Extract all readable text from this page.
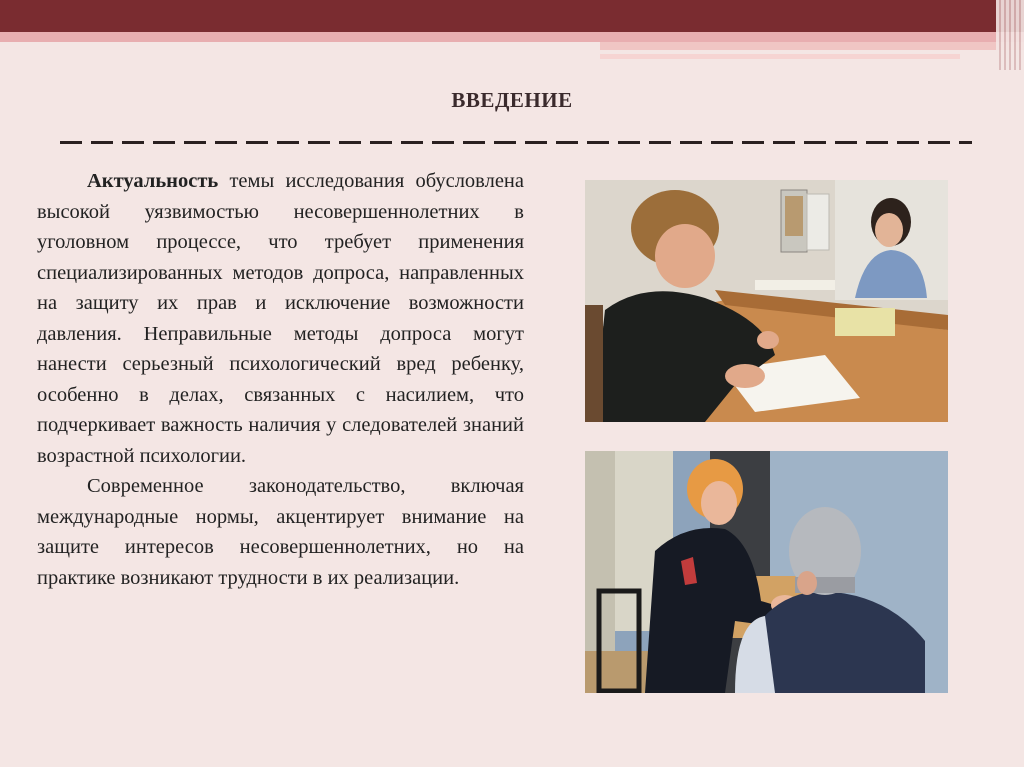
ВВЕДЕНИЕ

Актуальность темы исследования обусловлена высокой уязвимостью несовершеннолетних в уголовном процессе, что требует применения специализированных методов допроса, направленных на защиту их прав и исключение возможности давления. Неправильные методы допроса могут нанести серьезный психологический вред ребенку, особенно в делах, связанных с насилием, что подчеркивает важность наличия у следователей знаний возрастной психологии.

Современное законодательство, включая международные нормы, акцентирует внимание на защите интересов несовершеннолетних, но на практике возникают трудности в их реализации.
